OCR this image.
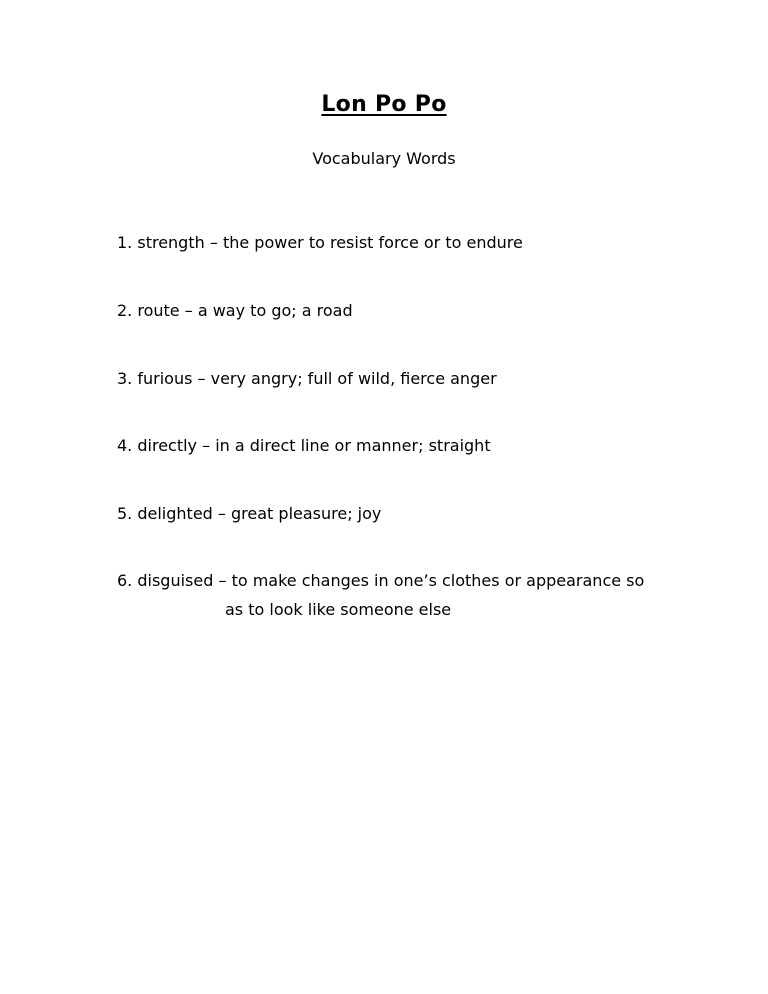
Lon Po Po
Vocabulary Words
1. strength – the power to resist force or to endure
2. route – a way to go; a road
3. furious – very angry; full of wild, fierce anger
4. directly – in a direct line or manner; straight
5. delighted – great pleasure; joy
6. disguised – to make changes in one’s clothes or appearance so
as to look like someone else
